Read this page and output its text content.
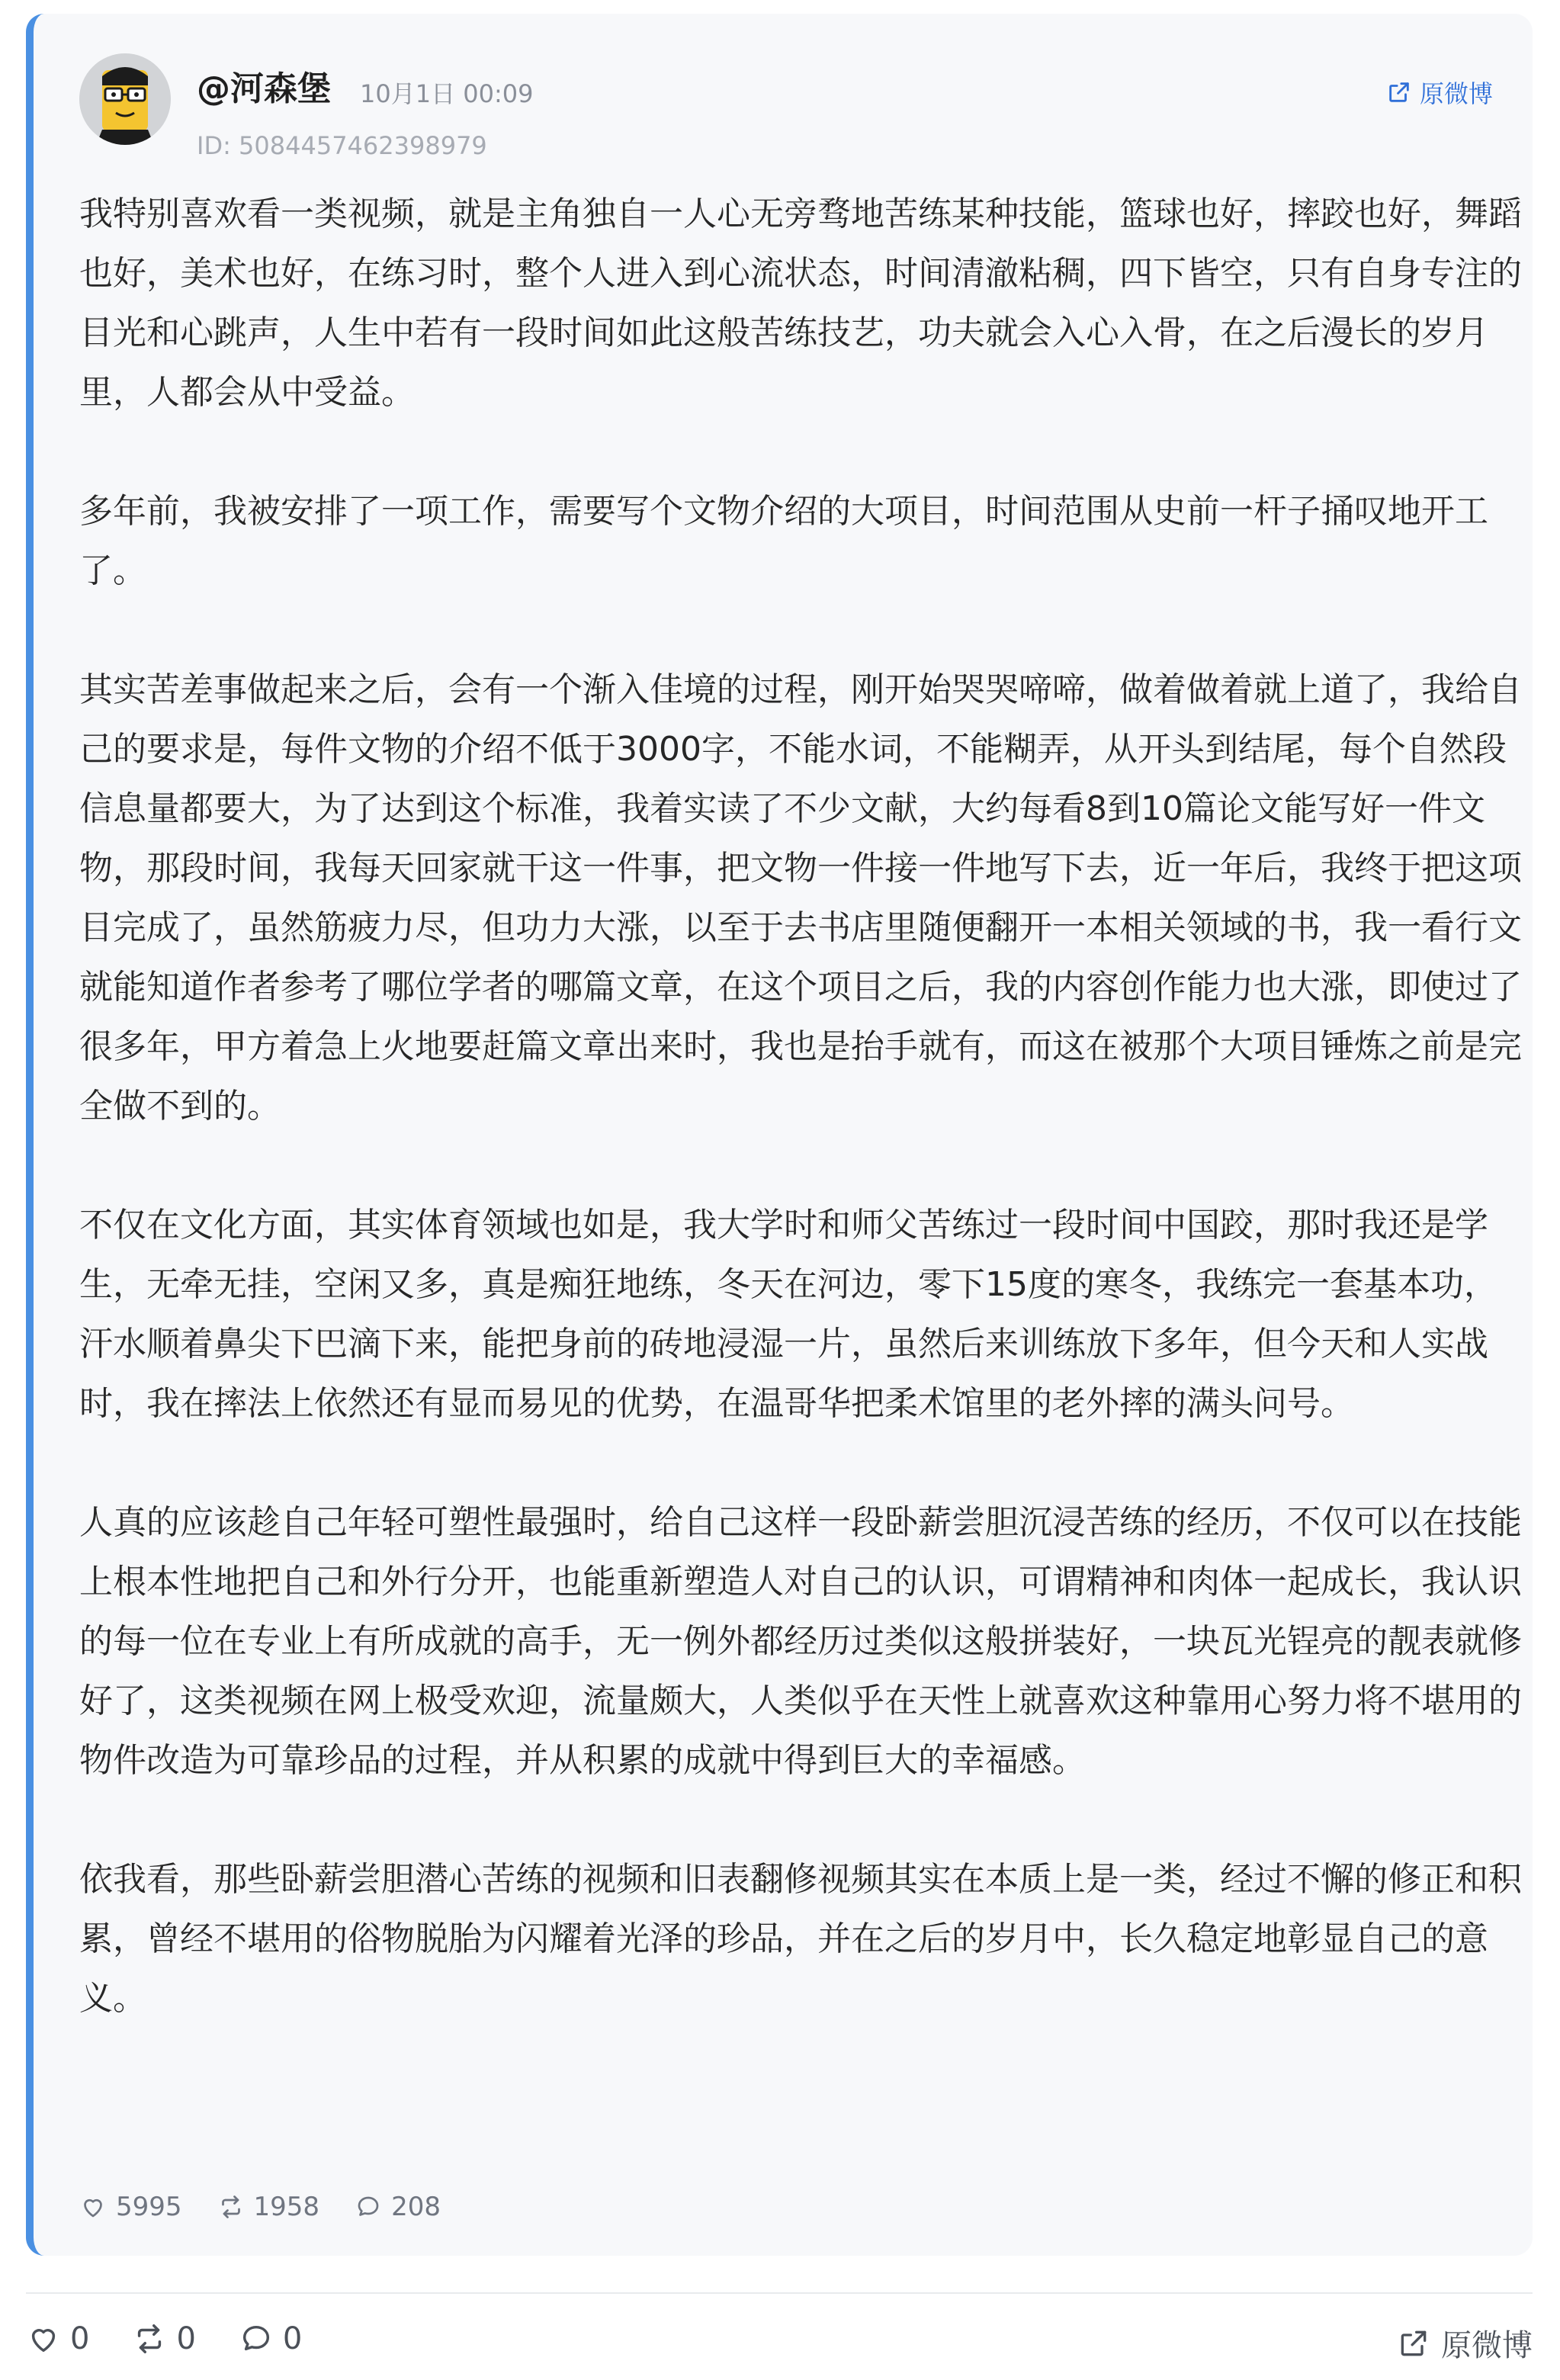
@河森堡 10月1日 00:09
ID: 5084457462398979
原微博

我特别喜欢看一类视频，就是主角独自一人心无旁骛地苦练某种技能，篮球也好，摔跤也好，舞蹈也好，美术也好，在练习时，整个人进入到心流状态，时间清澈粘稠，四下皆空，只有自身专注的目光和心跳声，人生中若有一段时间如此这般苦练技艺，功夫就会入心入骨，在之后漫长的岁月里，人都会从中受益。

多年前，我被安排了一项工作，需要写个文物介绍的大项目，时间范围从史前一杆子捅叹地开工了。

其实苦差事做起来之后，会有一个渐入佳境的过程，刚开始哭哭啼啼，做着做着就上道了，我给自己的要求是，每件文物的介绍不低于3000字，不能水词，不能糊弄，从开头到结尾，每个自然段信息量都要大，为了达到这个标准，我着实读了不少文献，大约每看8到10篇论文能写好一件文物，那段时间，我每天回家就干这一件事，把文物一件接一件地写下去，近一年后，我终于把这项目完成了，虽然筋疲力尽，但功力大涨，以至于去书店里随便翻开一本相关领域的书，我一看行文就能知道作者参考了哪位学者的哪篇文章，在这个项目之后，我的内容创作能力也大涨，即使过了很多年，甲方着急上火地要赶篇文章出来时，我也是抬手就有，而这在被那个大项目锤炼之前是完全做不到的。

不仅在文化方面，其实体育领域也如是，我大学时和师父苦练过一段时间中国跤，那时我还是学生，无牵无挂，空闲又多，真是痴狂地练，冬天在河边，零下15度的寒冬，我练完一套基本功，汗水顺着鼻尖下巴滴下来，能把身前的砖地浸湿一片，虽然后来训练放下多年，但今天和人实战时，我在摔法上依然还有显而易见的优势，在温哥华把柔术馆里的老外摔的满头问号。

人真的应该趁自己年轻可塑性最强时，给自己这样一段卧薪尝胆沉浸苦练的经历，不仅可以在技能上根本性地把自己和外行分开，也能重新塑造人对自己的认识，可谓精神和肉体一起成长，我认识的每一位在专业上有所成就的高手，无一例外都经历过类似这般拼装好，一块瓦光锃亮的靓表就修好了，这类视频在网上极受欢迎，流量颇大，人类似乎在天性上就喜欢这种靠用心努力将不堪用的物件改造为可靠珍品的过程，并从积累的成就中得到巨大的幸福感。

依我看，那些卧薪尝胆潜心苦练的视频和旧表翻修视频其实在本质上是一类，经过不懈的修正和积累，曾经不堪用的俗物脱胎为闪耀着光泽的珍品，并在之后的岁月中，长久稳定地彰显自己的意义。

5995	1958	208
0	0	0	原微博
